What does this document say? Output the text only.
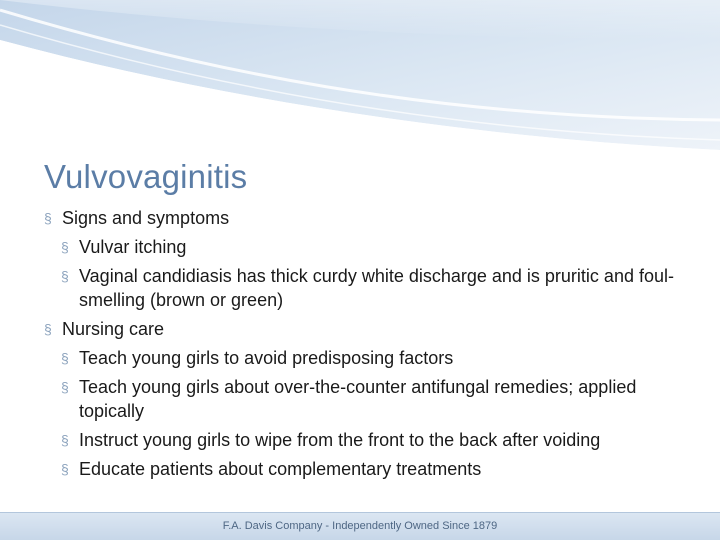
Vulvovaginitis
§ Signs and symptoms
§ Vulvar itching
§ Vaginal candidiasis has thick curdy white discharge and is pruritic and foul-smelling (brown or green)
§ Nursing care
§ Teach young girls to avoid predisposing factors
§ Teach young girls about over-the-counter antifungal remedies; applied topically
§ Instruct young girls to wipe from the front to the back after voiding
§ Educate patients about complementary treatments
F.A. Davis Company - Independently Owned Since 1879
